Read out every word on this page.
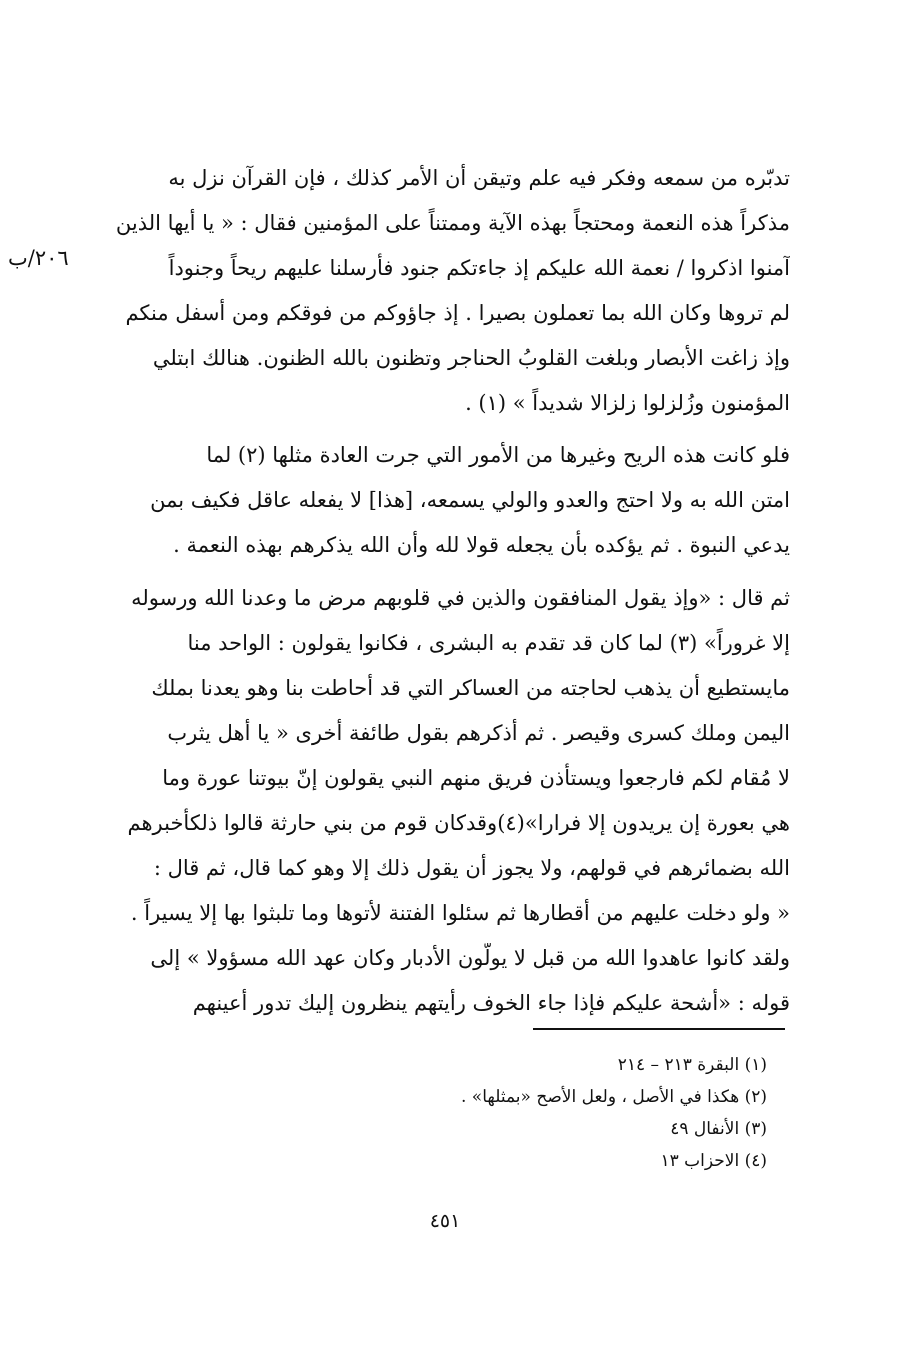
٢٠٦/ب
تدبّره من سمعه وفكر فيه علم وتيقن أن الأمر كذلك ، فإن القرآن نزل به
مذكراً هذه النعمة ومحتجاً بهذه الآية وممتناً على المؤمنين فقال : « يا أيها الذين
آمنوا اذكروا / نعمة الله عليكم إذ جاءتكم جنود فأرسلنا عليهم ريحاً وجنوداً
لم تروها وكان الله بما تعملون بصيرا . إذ جاؤوكم من فوقكم ومن أسفل منكم
وإذ زاغت الأبصار وبلغت القلوبُ الحناجر وتظنون بالله الظنون. هنالك ابتلي
المؤمنون وزُلزلوا زلزالا شديداً » (١) .
فلو كانت هذه الريح وغيرها من الأمور التي جرت العادة مثلها (٢) لما
امتن الله به ولا احتج والعدو والولي يسمعه، [هذا] لا يفعله عاقل فكيف بمن
يدعي النبوة . ثم يؤكده بأن يجعله قولا لله وأن الله يذكرهم بهذه النعمة .
ثم قال : «وإذ يقول المنافقون والذين في قلوبهم مرض ما وعدنا الله ورسوله
إلا غروراً» (٣) لما كان قد تقدم به البشرى ، فكانوا يقولون : الواحد منا
مايستطيع أن يذهب لحاجته من العساكر التي قد أحاطت بنا وهو يعدنا بملك
اليمن وملك كسرى وقيصر . ثم أذكرهم بقول طائفة أخرى « يا أهل يثرب
لا مُقام لكم فارجعوا ويستأذن فريق منهم النبي يقولون إنّ بيوتنا عورة وما
هي بعورة إن يريدون إلا فرارا»(٤)وقدكان قوم من بني حارثة قالوا ذلكأخبرهم
الله بضمائرهم في قولهم، ولا يجوز أن يقول ذلك إلا وهو كما قال، ثم قال :
« ولو دخلت عليهم من أقطارها ثم سئلوا الفتنة لأتوها وما تلبثوا بها إلا يسيراً .
ولقد كانوا عاهدوا الله من قبل لا يولّون الأدبار وكان عهد الله مسؤولا » إلى
قوله : «أشحة عليكم فإذا جاء الخوف رأيتهم ينظرون إليك تدور أعينهم
(١) البقرة ٢١٣ – ٢١٤
(٢) هكذا في الأصل ، ولعل الأصح «بمثلها» .
(٣) الأنفال ٤٩
(٤) الاحزاب ١٣
٤٥١
